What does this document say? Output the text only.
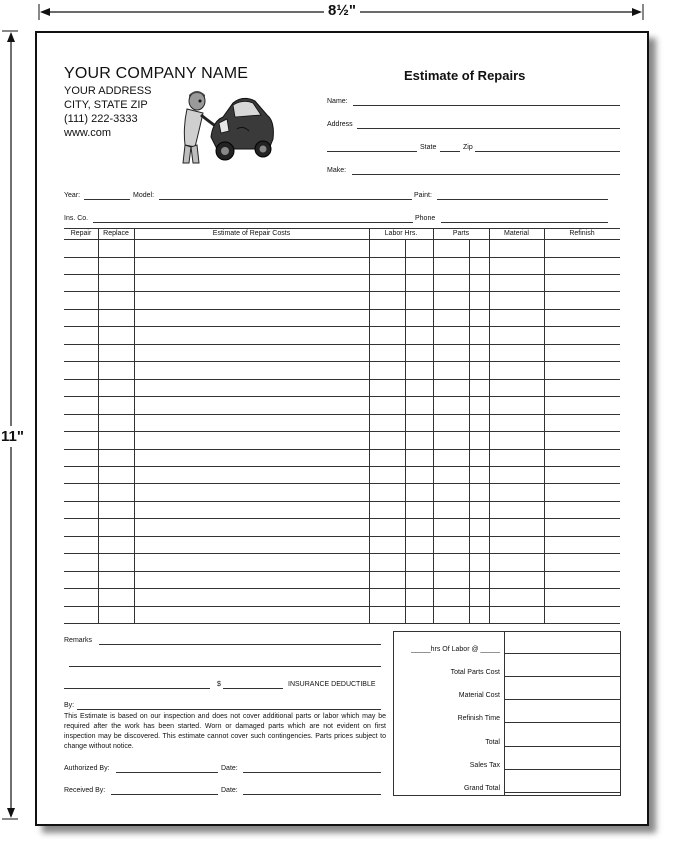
8½"
11"
YOUR COMPANY NAME
YOUR ADDRESS
CITY, STATE ZIP
(111) 222-3333
www.com
Estimate of Repairs
Name:
Address
State	Zip
Make:
Year:	Model:	Paint:
Ins. Co.	Phone
Repair	Replace	Estimate of Repair Costs	Labor Hrs.	Parts	Material	Refinish
Remarks
$	INSURANCE DEDUCTIBLE
By:
This Estimate is based on our inspection and does not cover additional parts or labor which may be required after the work has been started. Worn or damaged parts which are not evident on first inspection may be discovered. This estimate cannot cover such contingencies. Parts prices subject to change without notice.
Authorized By:	Date:
Received By:	Date:
_____hrs Of Labor @ _____
Total Parts Cost
Material Cost
Refinish Time
Total
Sales Tax
Grand Total
